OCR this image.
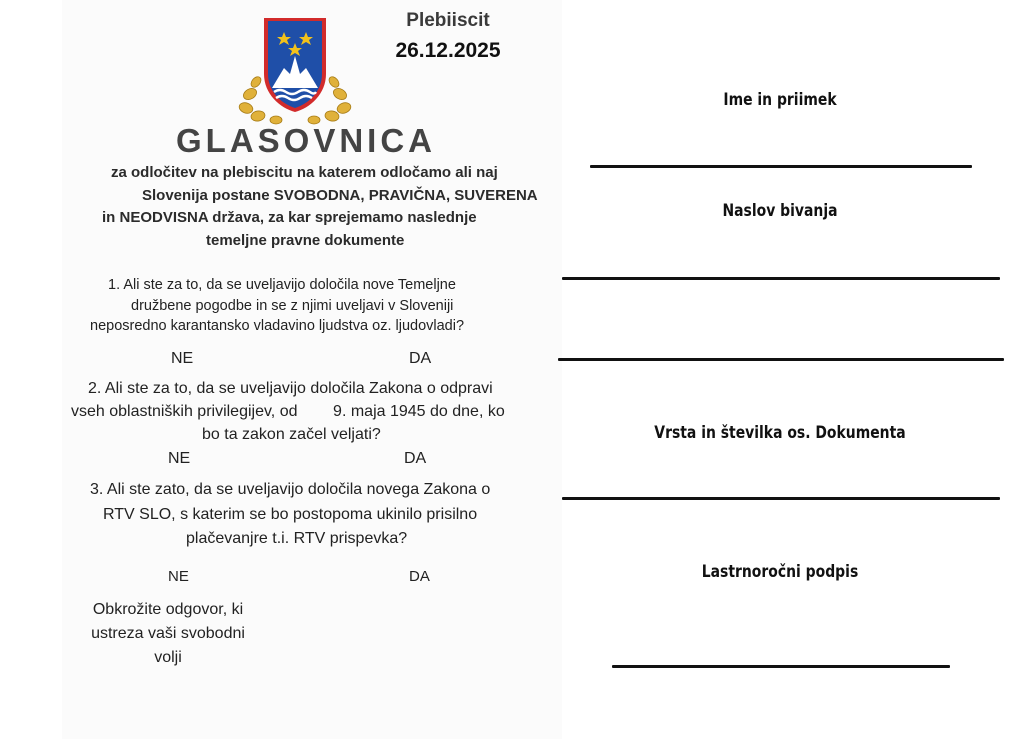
Plebiiscit
26.12.2025
GLASOVNICA
za odločitev na plebiscitu na katerem odločamo ali naj
Slovenija postane SVOBODNA, PRAVIČNA, SUVERENA
in NEODVISNA država, za kar sprejemamo naslednje
temeljne pravne dokumente
1. Ali ste za to, da se uveljavijo določila nove Temeljne
družbene pogodbe in se z njimi uveljavi v Sloveniji
neposredno karantansko vladavino ljudstva oz. ljudovladi?
NE	DA
2. Ali ste za to, da se uveljavijo določila Zakona o odpravi
vseh oblastniških privilegijev, od        9. maja 1945 do dne, ko
bo ta zakon začel veljati?
NE	DA
3. Ali ste zato, da se uveljavijo določila novega Zakona o
RTV SLO, s katerim se bo postopoma ukinilo prisilno
plačevanjre t.i. RTV prispevka?
NE	DA
Obkrožite odgovor, ki
ustreza vaši svobodni
volji
Ime in priimek
Naslov bivanja
Vrsta in številka os. Dokumenta
Lastrnoročni podpis
